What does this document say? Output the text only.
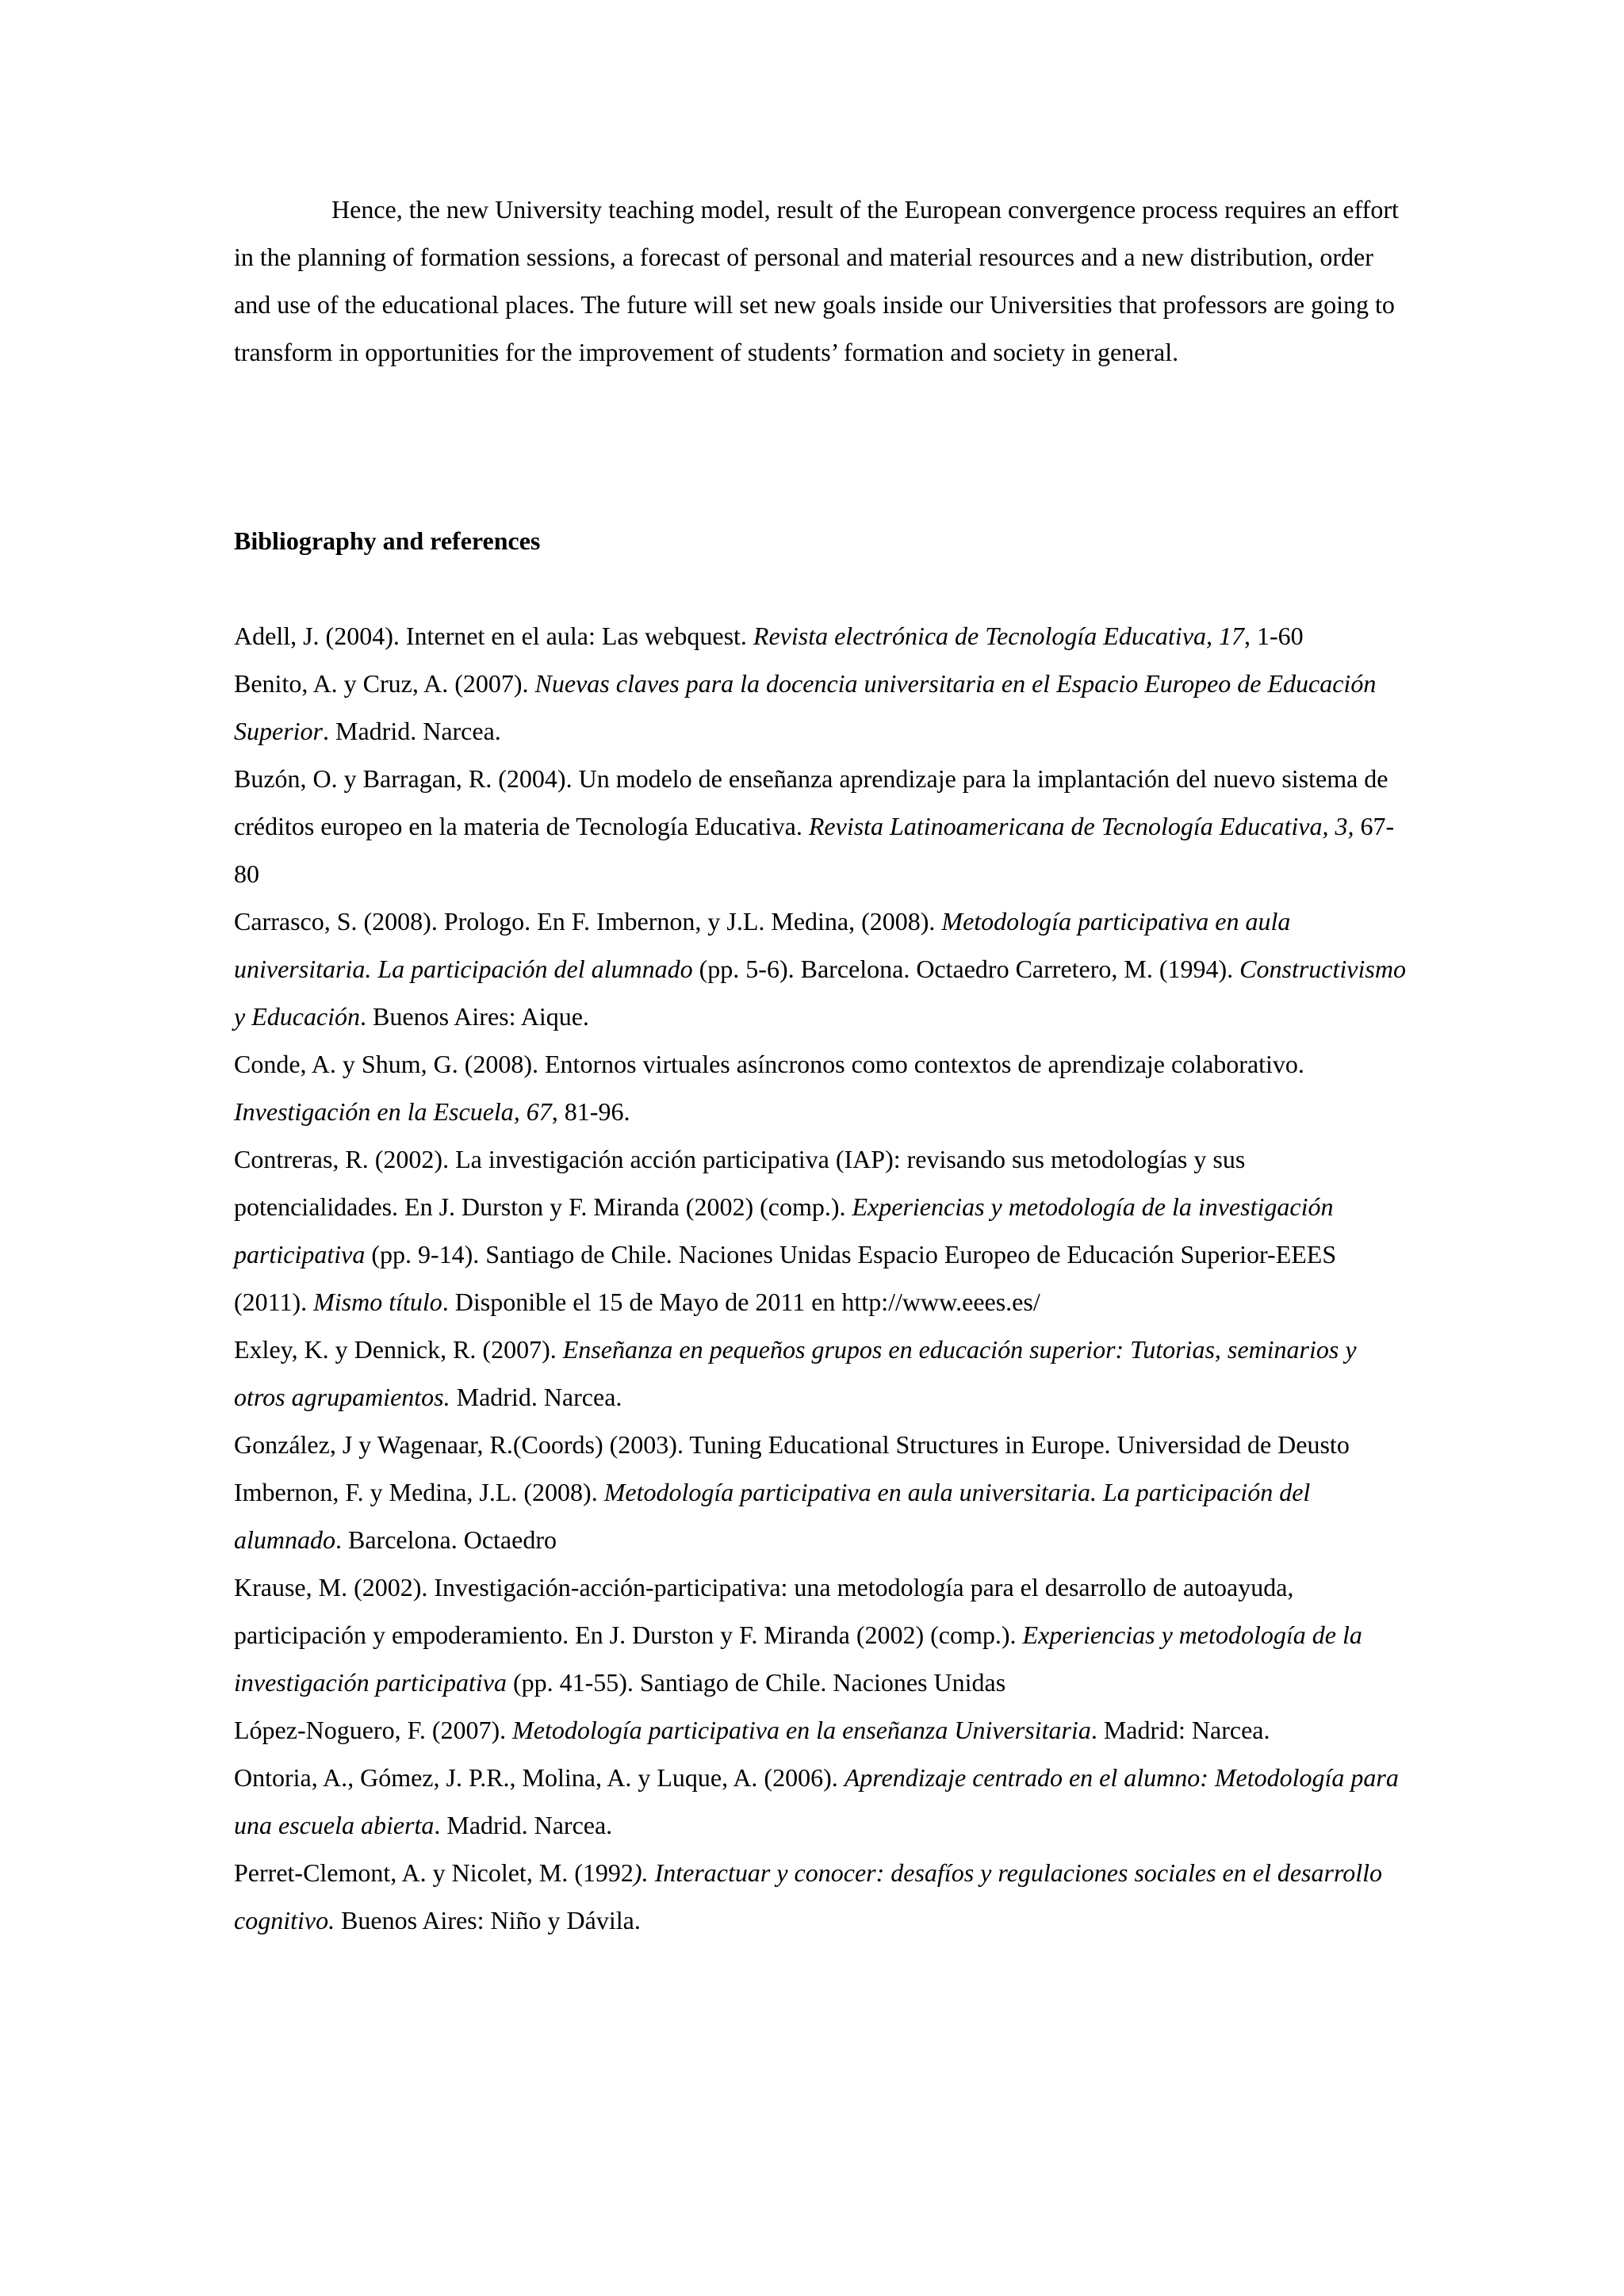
Hence, the new University teaching model, result of the European convergence process requires an effort in the planning of formation sessions, a forecast of personal and material resources and a new distribution, order and use of the educational places. The future will set new goals inside our Universities that professors are going to transform in opportunities for the improvement of students’ formation and society in general.

Bibliography and references

Adell, J. (2004). Internet en el aula: Las webquest. Revista electrónica de Tecnología Educativa, 17, 1-60

Benito, A. y Cruz, A. (2007). Nuevas claves para la docencia universitaria en el Espacio Europeo de Educación Superior. Madrid. Narcea.

Buzón, O. y Barragan, R. (2004). Un modelo de enseñanza aprendizaje para la implantación del nuevo sistema de créditos europeo en la materia de Tecnología Educativa. Revista Latinoamericana de Tecnología Educativa, 3, 67-80

Carrasco, S. (2008). Prologo. En F. Imbernon, y J.L. Medina, (2008). Metodología participativa en aula universitaria. La participación del alumnado (pp. 5-6). Barcelona. Octaedro Carretero, M. (1994). Constructivismo y Educación. Buenos Aires: Aique.

Conde, A. y Shum, G. (2008). Entornos virtuales asíncronos como contextos de aprendizaje colaborativo. Investigación en la Escuela, 67, 81-96.

Contreras, R. (2002). La investigación acción participativa (IAP): revisando sus metodologías y sus potencialidades. En J. Durston y F. Miranda (2002) (comp.). Experiencias y metodología de la investigación participativa (pp. 9-14). Santiago de Chile. Naciones Unidas Espacio Europeo de Educación Superior-EEES (2011). Mismo título. Disponible el 15 de Mayo de 2011 en http://www.eees.es/

Exley, K. y Dennick, R. (2007). Enseñanza en pequeños grupos en educación superior: Tutorias, seminarios y otros agrupamientos. Madrid. Narcea.

González, J y Wagenaar, R.(Coords) (2003). Tuning Educational Structures in Europe. Universidad de Deusto

Imbernon, F. y Medina, J.L. (2008). Metodología participativa en aula universitaria. La participación del alumnado. Barcelona. Octaedro

Krause, M. (2002). Investigación-acción-participativa: una metodología para el desarrollo de autoayuda, participación y empoderamiento. En J. Durston y F. Miranda (2002) (comp.). Experiencias y metodología de la investigación participativa (pp. 41-55). Santiago de Chile. Naciones Unidas

López-Noguero, F. (2007). Metodología participativa en la enseñanza Universitaria. Madrid: Narcea.

Ontoria, A., Gómez, J. P.R., Molina, A. y Luque, A. (2006). Aprendizaje centrado en el alumno: Metodología para una escuela abierta. Madrid. Narcea.

Perret-Clemont, A. y Nicolet, M. (1992). Interactuar y conocer: desafíos y regulaciones sociales en el desarrollo cognitivo. Buenos Aires: Niño y Dávila.
